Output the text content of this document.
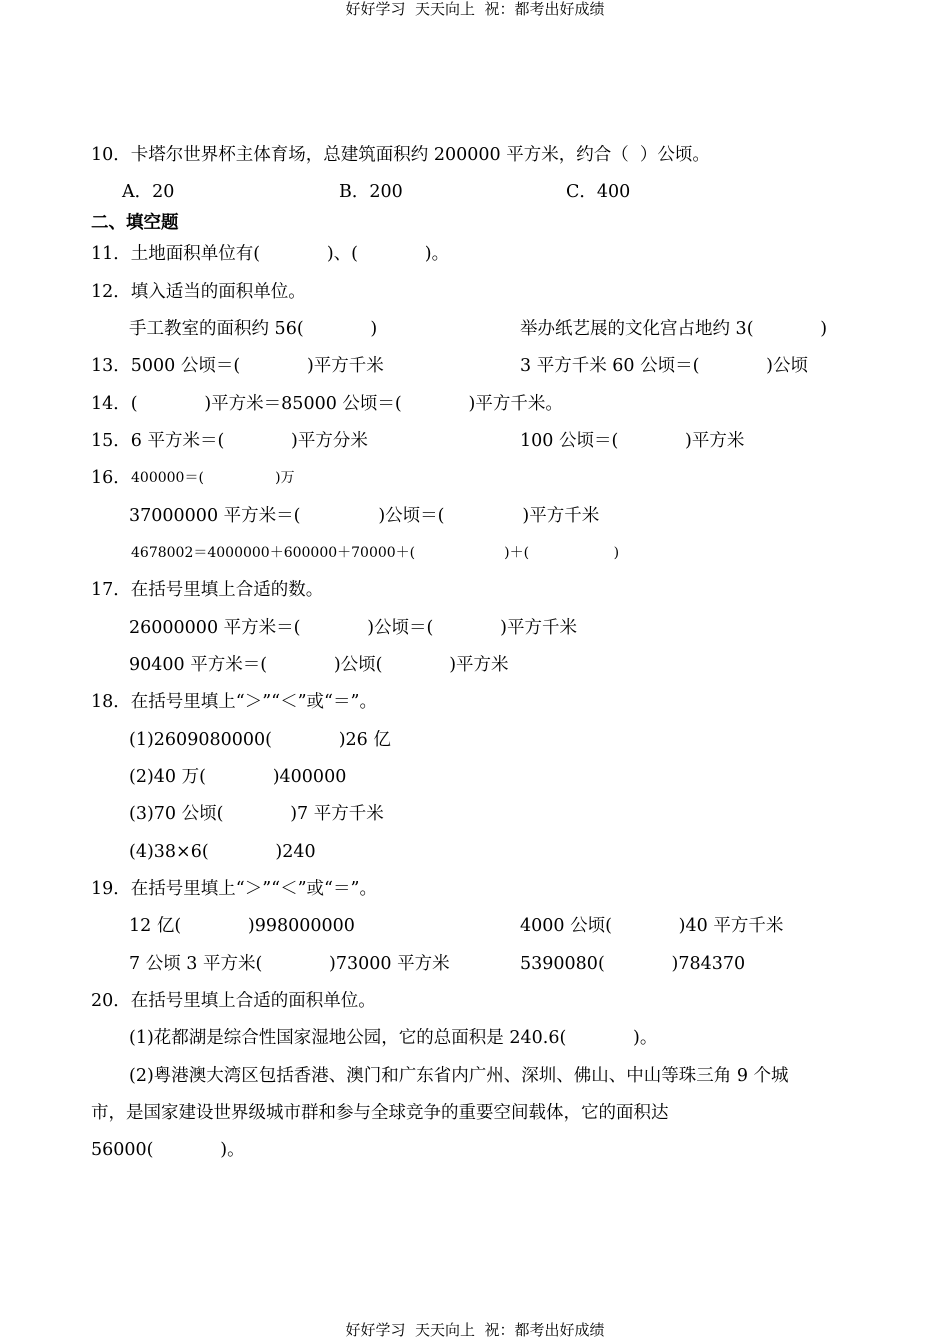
好好学习  天天向上  祝：都考出好成绩
10．卡塔尔世界杯主体育场，总建筑面积约 200000 平方米，约合（  ）公顷。
A．20	B．200	C．400
二、填空题
11．土地面积单位有(            )、(            )。
12．填入适当的面积单位。
手工教室的面积约 56(            )	举办纸艺展的文化宫占地约 3(            )
13．5000 公顷＝(            )平方千米	3 平方千米 60 公顷＝(            )公顷
14．(            )平方米＝85000 公顷＝(            )平方千米。
15．6 平方米＝(            )平方分米	100 公顷＝(            )平方米
16． 400000＝(                )万
37000000 平方米＝(              )公顷＝(              )平方千米
4678002＝4000000＋600000＋70000＋(                    )＋(                   )
17．在括号里填上合适的数。
26000000 平方米＝(            )公顷＝(            )平方千米
90400 平方米＝(            )公顷(            )平方米
18．在括号里填上“＞”“＜”或“＝”。
(1)2609080000(            )26 亿
(2)40 万(            )400000
(3)70 公顷(            )7 平方千米
(4)38×6(            )240
19．在括号里填上“＞”“＜”或“＝”。
12 亿(            )998000000	4000 公顷(            )40 平方千米
7 公顷 3 平方米(            )73000 平方米	5390080(            )784370
20．在括号里填上合适的面积单位。
(1)花都湖是综合性国家湿地公园，它的总面积是 240.6(            )。
(2)粤港澳大湾区包括香港、澳门和广东省内广州、深圳、佛山、中山等珠三角 9 个城
市，是国家建设世界级城市群和参与全球竞争的重要空间载体，它的面积达
56000(            )。
好好学习  天天向上  祝：都考出好成绩
